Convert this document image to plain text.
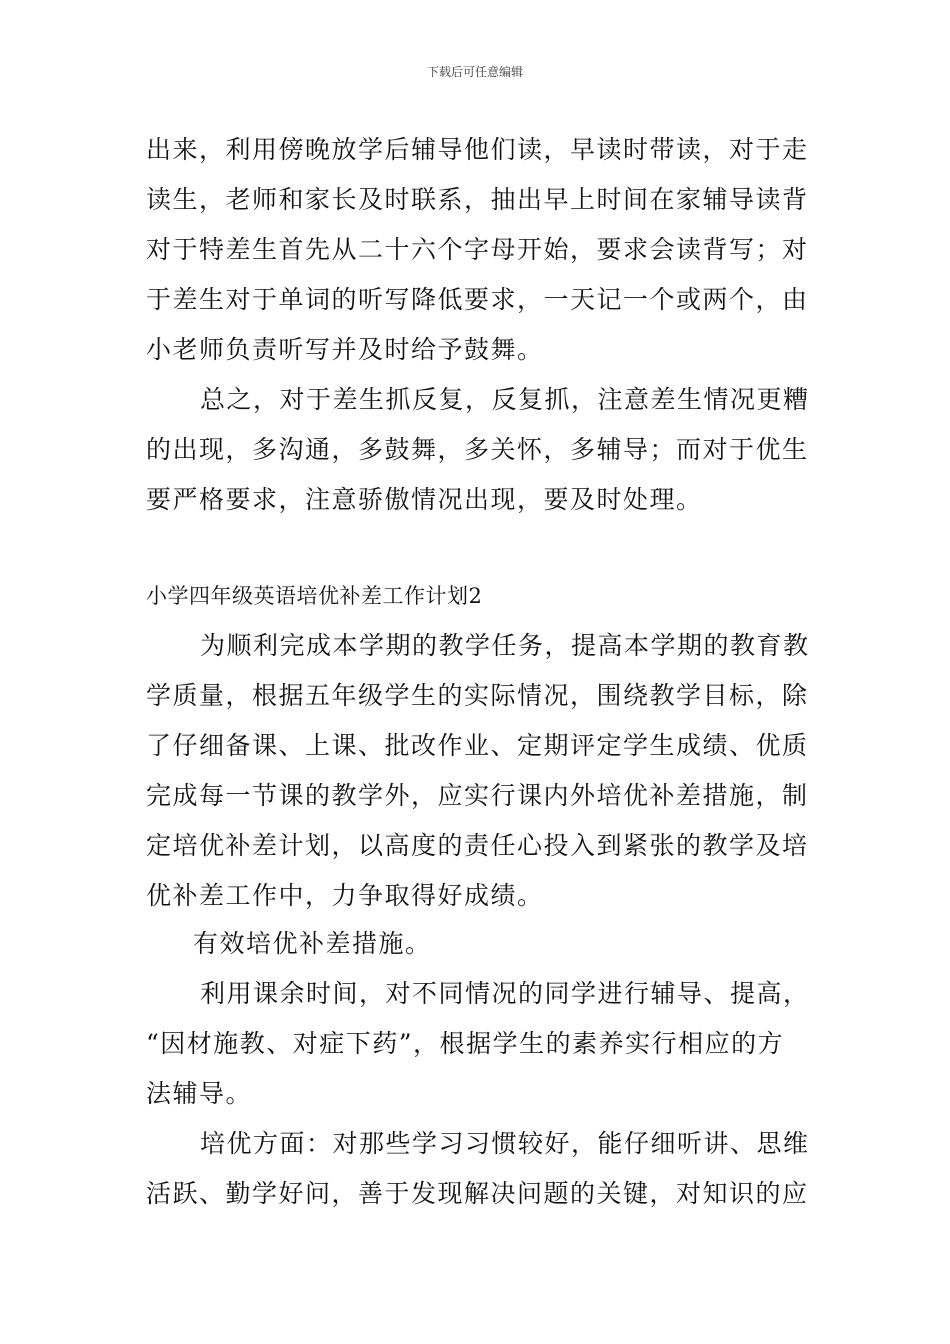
下载后可任意编辑
出来，利用傍晚放学后辅导他们读，早读时带读，对于走
读生，老师和家长及时联系，抽出早上时间在家辅导读背
对于特差生首先从二十六个字母开始，要求会读背写；对
于差生对于单词的听写降低要求，一天记一个或两个，由
小老师负责听写并及时给予鼓舞。
总之，对于差生抓反复，反复抓，注意差生情况更糟
的出现，多沟通，多鼓舞，多关怀，多辅导；而对于优生
要严格要求，注意骄傲情况出现，要及时处理。
小学四年级英语培优补差工作计划2
为顺利完成本学期的教学任务，提高本学期的教育教
学质量，根据五年级学生的实际情况，围绕教学目标，除
了仔细备课、上课、批改作业、定期评定学生成绩、优质
完成每一节课的教学外，应实行课内外培优补差措施，制
定培优补差计划，以高度的责任心投入到紧张的教学及培
优补差工作中，力争取得好成绩。
有效培优补差措施。
利用课余时间，对不同情况的同学进行辅导、提高，
“因材施教、对症下药”，根据学生的素养实行相应的方
法辅导。
培优方面：对那些学习习惯较好，能仔细听讲、思维
活跃、勤学好问，善于发现解决问题的关键，对知识的应
